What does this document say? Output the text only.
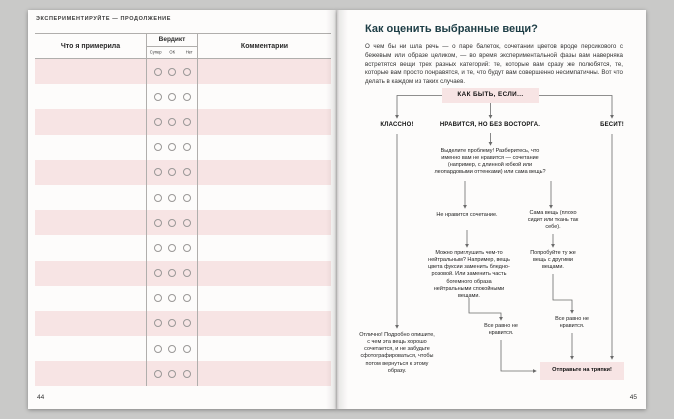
ЭКСПЕРИМЕНТИРУЙТЕ — ПРОДОЛЖЕНИЕ
Что я примерила
Вердикт
Супер	ОК	Нет
Комментарии
44
Как оценить выбранные вещи?
О чем бы ни шла речь — о паре балеток, сочетании цветов вроде персикового с бежевым или образе целиком, — во время экспериментальной фазы вам наверняка встретятся вещи трех разных категорий: те, которые вам сразу же полюбятся, те, которые вам просто понравятся, и те, что будут вам совершенно несимпатичны. Вот что делать в каждом из таких случаев.
КАК БЫТЬ, ЕСЛИ...
КЛАССНО!	НРАВИТСЯ, НО БЕЗ ВОСТОРГА.	БЕСИТ!
Выделите проблему! Разберитесь, что именно вам не нравится — сочетание (например, с длинной юбкой или леопардовыми оттенками) или сама вещь?
Не нравится сочетание.	Сама вещь (плохо сидит или ткань так себе).
Можно приглушить чем-то нейтральным? Например, вещь цвета фуксии заменить бледно-розовой. Или заменить часть богемного образа нейтральными спокойными вещами.
Попробуйте ту же вещь с другими вещами.
Все равно не нравится.
Все равно не нравится.
Отлично! Подробно опишите, с чем эта вещь хорошо сочетается, и не забудьте сфотографироваться, чтобы потом вернуться к этому образу.	Отправьте на тряпки!
45
